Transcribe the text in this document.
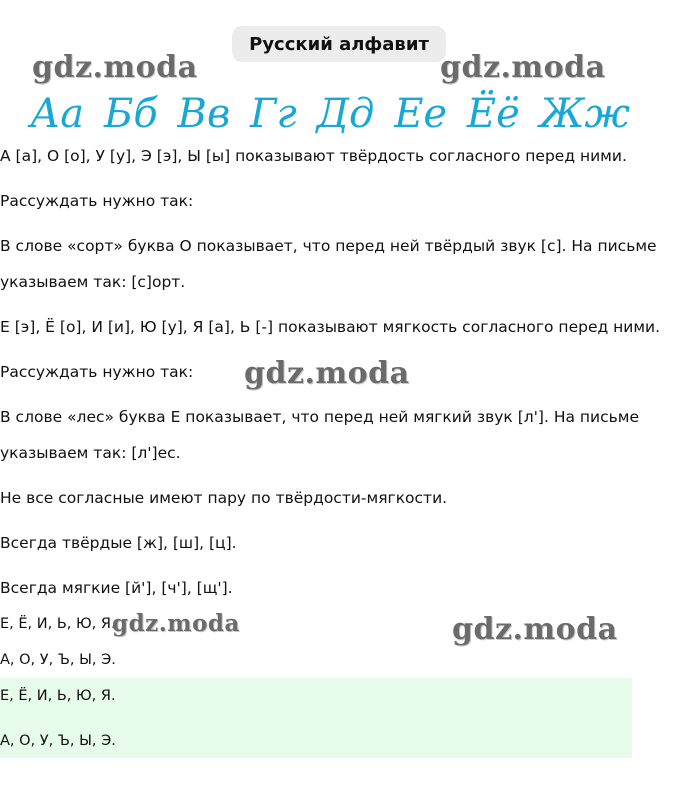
Русский алфавит
gdz.moda	gdz.moda
Аа Бб Вв Гг Дд Ее Ёё Жж
А [а], О [о], У [у], Э [э], Ы [ы] показывают твёрдость согласного перед ними.
Рассуждать нужно так:
В слове «сорт» буква О показывает, что перед ней твёрдый звук [с]. На письме
указываем так: [с]орт.
Е [э], Ё [о], И [и], Ю [у], Я [а], Ь [-] показывают мягкость согласного перед ними.
Рассуждать нужно так: gdz.moda
В слове «лес» буква Е показывает, что перед ней мягкий звук [л']. На письме
указываем так: [л']ес.
Не все согласные имеют пару по твёрдости-мягкости.
Всегда твёрдые [ж], [ш], [ц].
Всегда мягкие [й'], [ч'], [щ'].
Е, Ё, И, Ь, Ю, Я.
gdz.moda	gdz.moda
А, О, У, Ъ, Ы, Э.
Е, Ё, И, Ь, Ю, Я.
А, О, У, Ъ, Ы, Э.
